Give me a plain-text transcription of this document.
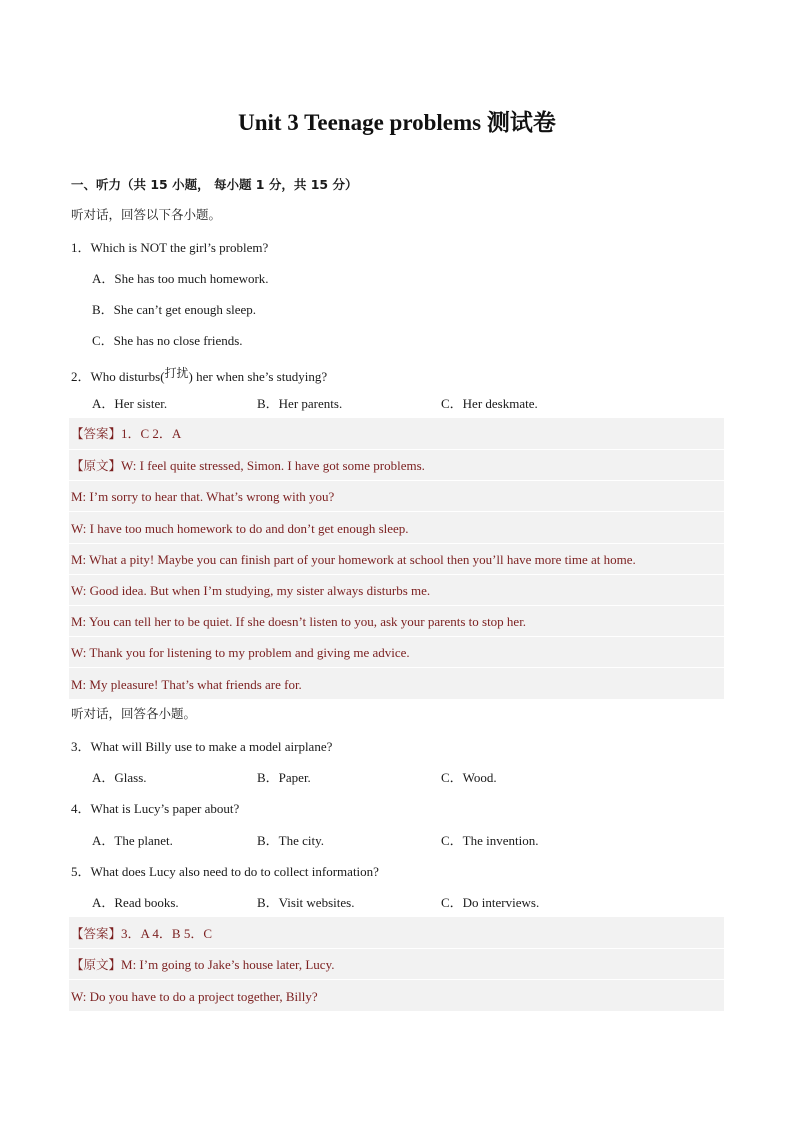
Unit 3 Teenage problems 测试卷
一、听力（共 15 小题， 每小题 1 分，共 15 分）
听对话，回答以下各小题。
1．Which is NOT the girl’s problem?
A．She has too much homework.
B．She can’t get enough sleep.
C．She has no close friends.
2．Who disturbs($^{打扰}$) her when she’s studying?
A．Her sister.	B．Her parents.	C．Her deskmate.
【答案】1．C 2．A
【原文】W: I feel quite stressed, Simon. I have got some problems.
M: I’m sorry to hear that. What’s wrong with you?
W: I have too much homework to do and don’t get enough sleep.
M: What a pity! Maybe you can finish part of your homework at school then you’ll have more time at home.
W: Good idea. But when I’m studying, my sister always disturbs me.
M: You can tell her to be quiet. If she doesn’t listen to you, ask your parents to stop her.
W: Thank you for listening to my problem and giving me advice.
M: My pleasure! That’s what friends are for.
听对话，回答各小题。
3．What will Billy use to make a model airplane?
A．Glass.	B．Paper.	C．Wood.
4．What is Lucy’s paper about?
A．The planet.	B．The city.	C．The invention.
5．What does Lucy also need to do to collect information?
A．Read books.	B．Visit websites.	C．Do interviews.
【答案】3．A 4．B 5．C
【原文】M: I’m going to Jake’s house later, Lucy.
W: Do you have to do a project together, Billy?
